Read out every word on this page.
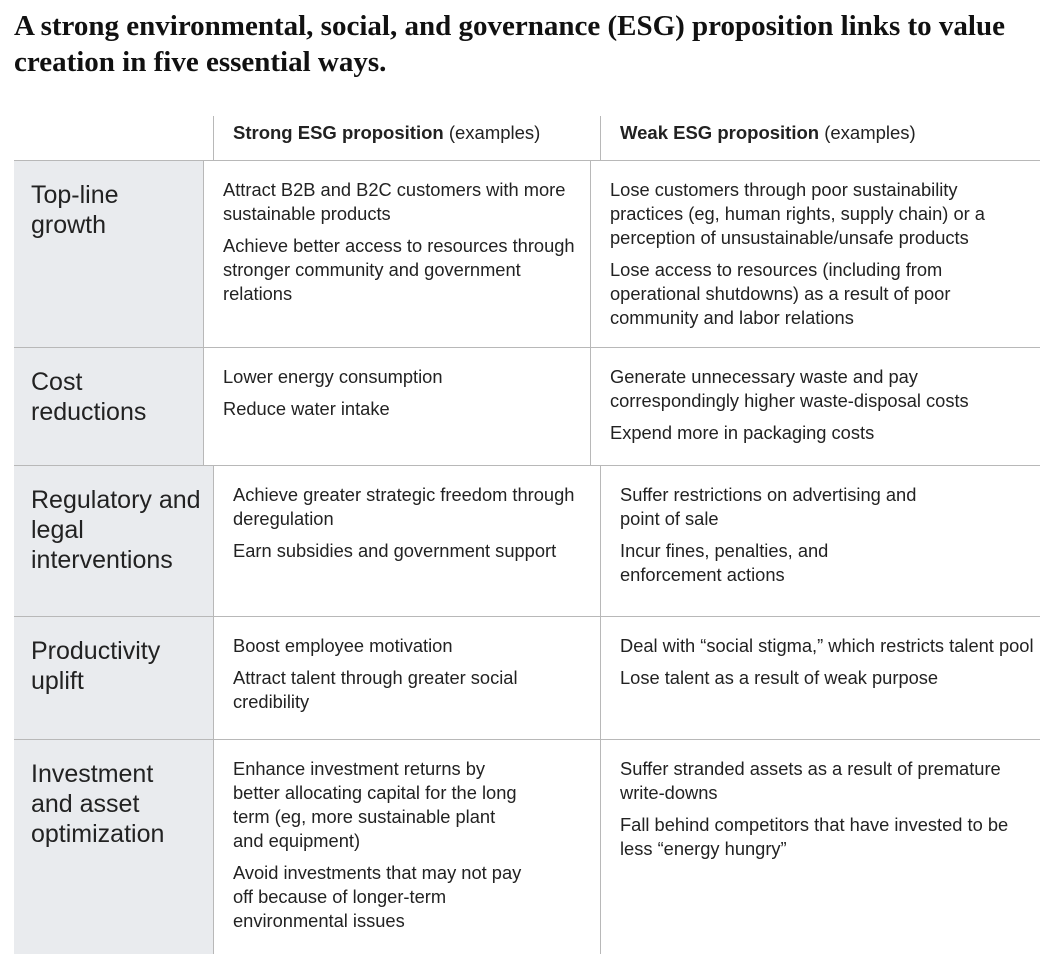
A strong environmental, social, and governance (ESG) proposition links to value creation in five essential ways.
Strong ESG proposition (examples)	Weak ESG proposition (examples)
Top-line growth

Attract B2B and B2C customers with more sustainable products

Achieve better access to resources through stronger community and government relations

Lose customers through poor sustainability practices (eg, human rights, supply chain) or a perception of unsustainable/unsafe products

Lose access to resources (including from operational shutdowns) as a result of poor community and labor relations

Cost reductions

Lower energy consumption

Reduce water intake

Generate unnecessary waste and pay correspondingly higher waste-disposal costs

Expend more in packaging costs

Regulatory and legal interventions

Achieve greater strategic freedom through deregulation

Earn subsidies and government support

Suffer restrictions on advertising and point of sale

Incur fines, penalties, and enforcement actions

Productivity uplift

Boost employee motivation

Attract talent through greater social credibility

Deal with “social stigma,” which restricts talent pool

Lose talent as a result of weak purpose

Investment and asset optimization

Enhance investment returns by better allocating capital for the long term (eg, more sustainable plant and equipment)

Avoid investments that may not pay off because of longer-term environmental issues

Suffer stranded assets as a result of premature write-downs

Fall behind competitors that have invested to be less “energy hungry”
